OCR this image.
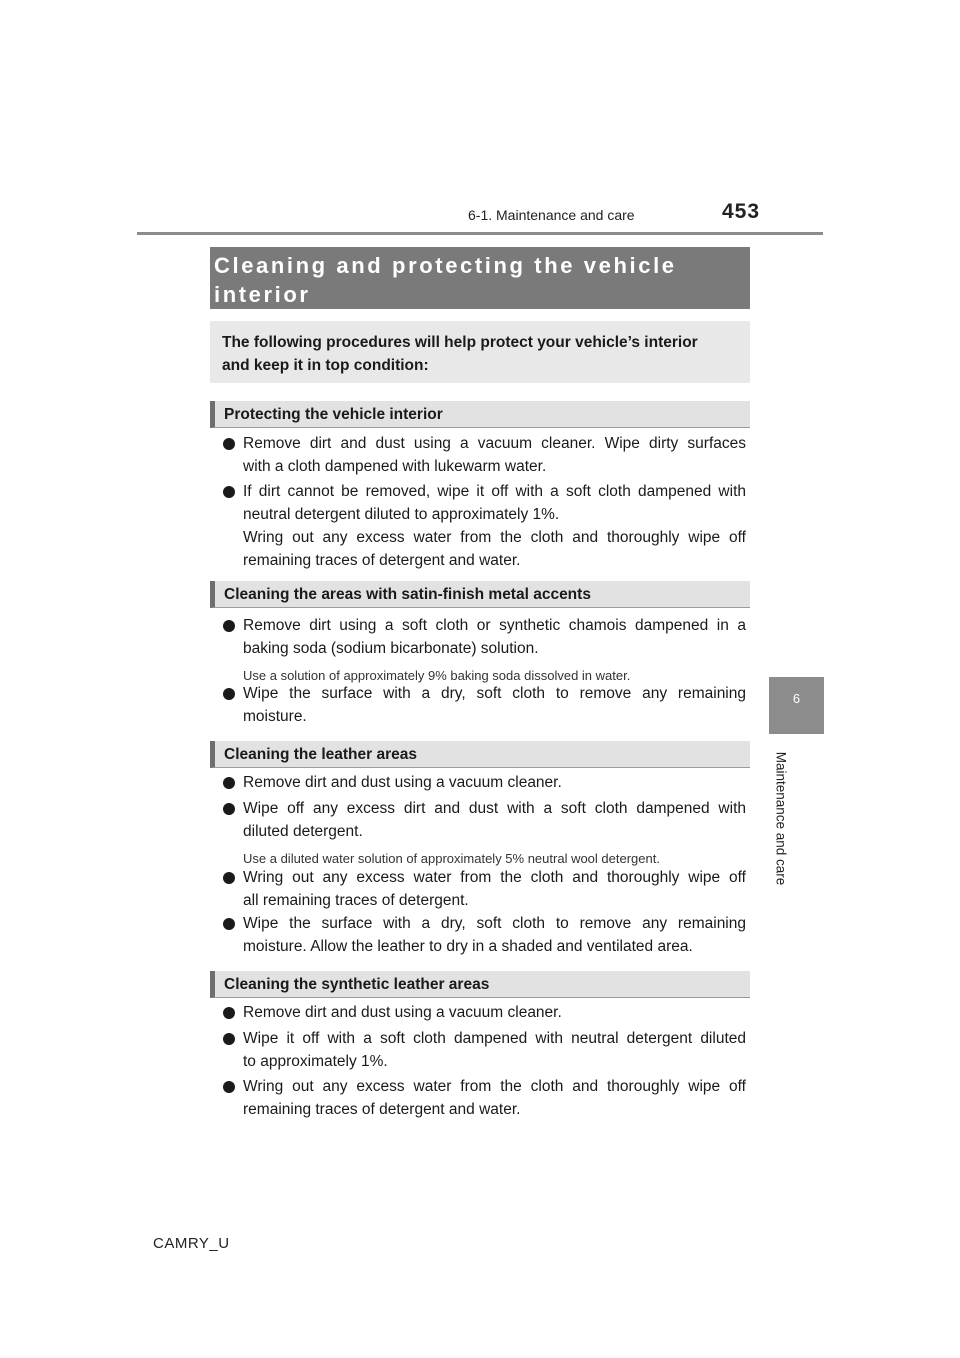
6-1. Maintenance and care	453
6
Maintenance and care
Cleaning and protecting the vehicle
interior
The following procedures will help protect your vehicle’s interior
and keep it in top condition:
Protecting the vehicle interior
Remove dirt and dust using a vacuum cleaner. Wipe dirty surfaces
with a cloth dampened with lukewarm water.
If dirt cannot be removed, wipe it off with a soft cloth dampened with
neutral detergent diluted to approximately 1%.
Wring out any excess water from the cloth and thoroughly wipe off
remaining traces of detergent and water.
Cleaning the areas with satin-finish metal accents
Remove dirt using a soft cloth or synthetic chamois dampened in a
baking soda (sodium bicarbonate) solution.
Use a solution of approximately 9% baking soda dissolved in water.
Wipe the surface with a dry, soft cloth to remove any remaining
moisture.
Cleaning the leather areas
Remove dirt and dust using a vacuum cleaner.
Wipe off any excess dirt and dust with a soft cloth dampened with
diluted detergent.
Use a diluted water solution of approximately 5% neutral wool detergent.
Wring out any excess water from the cloth and thoroughly wipe off
all remaining traces of detergent.
Wipe the surface with a dry, soft cloth to remove any remaining
moisture. Allow the leather to dry in a shaded and ventilated area.
Cleaning the synthetic leather areas
Remove dirt and dust using a vacuum cleaner.
Wipe it off with a soft cloth dampened with neutral detergent diluted
to approximately 1%.
Wring out any excess water from the cloth and thoroughly wipe off
remaining traces of detergent and water.
CAMRY_U
